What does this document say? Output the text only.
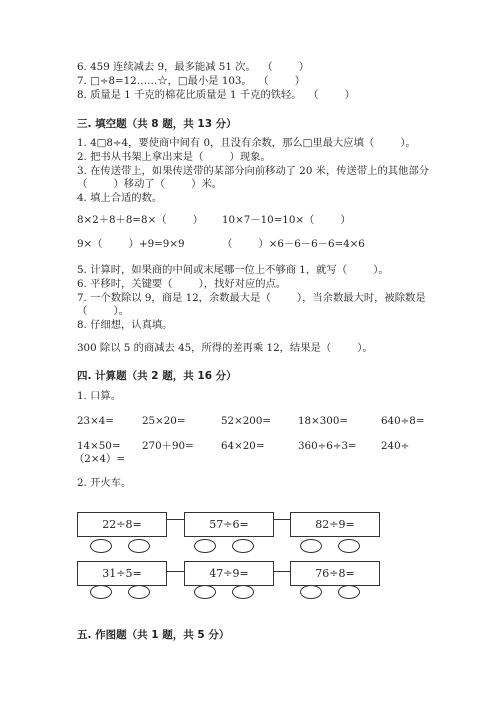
6. 459 连续减去 9，最多能减 51 次。  （        ）
7. □÷8=12……☆，□最小是 103。  （        ）
8. 质量是 1 千克的棉花比质量是 1 千克的铁轻。  （        ）
三. 填空题（共 8 题，共 13 分）
1. 4□8÷4，要使商中间有 0，且没有余数，那么□里最大应填（        ）。
2. 把书从书架上拿出来是（        ）现象。
3. 在传送带上，如果传送带的某部分向前移动了 20 米，传送带上的其他部分
（        ）移动了（        ）米。
4. 填上合适的数。
8×2＋8＋8=8×（        ） 10×7－10=10×（        ）
9×（        ）+9=9×9	（        ）×6－6－6－6=4×6
5. 计算时，如果商的中间或末尾哪一位上不够商 1，就写（        ）。
6. 平移时，关键要（        ），找好对应的点。
7. 一个数除以 9，商是 12，余数最大是（        ），当余数最大时，被除数是
（        ）。
8. 仔细想，认真填。
300 除以 5 的商减去 45，所得的差再乘 12，结果是（        ）。
四. 计算题（共 2 题，共 16 分）
1. 口算。
23×4=	25×20=	52×200=	18×300=	640÷8=
14×50= 270＋90=	64×20=	360÷6÷3= 240÷
（2×4）=
2. 开火车。
22÷8=	57÷6=	82÷9=
31÷5=	47÷9=	76÷8=
五. 作图题（共 1 题，共 5 分）
